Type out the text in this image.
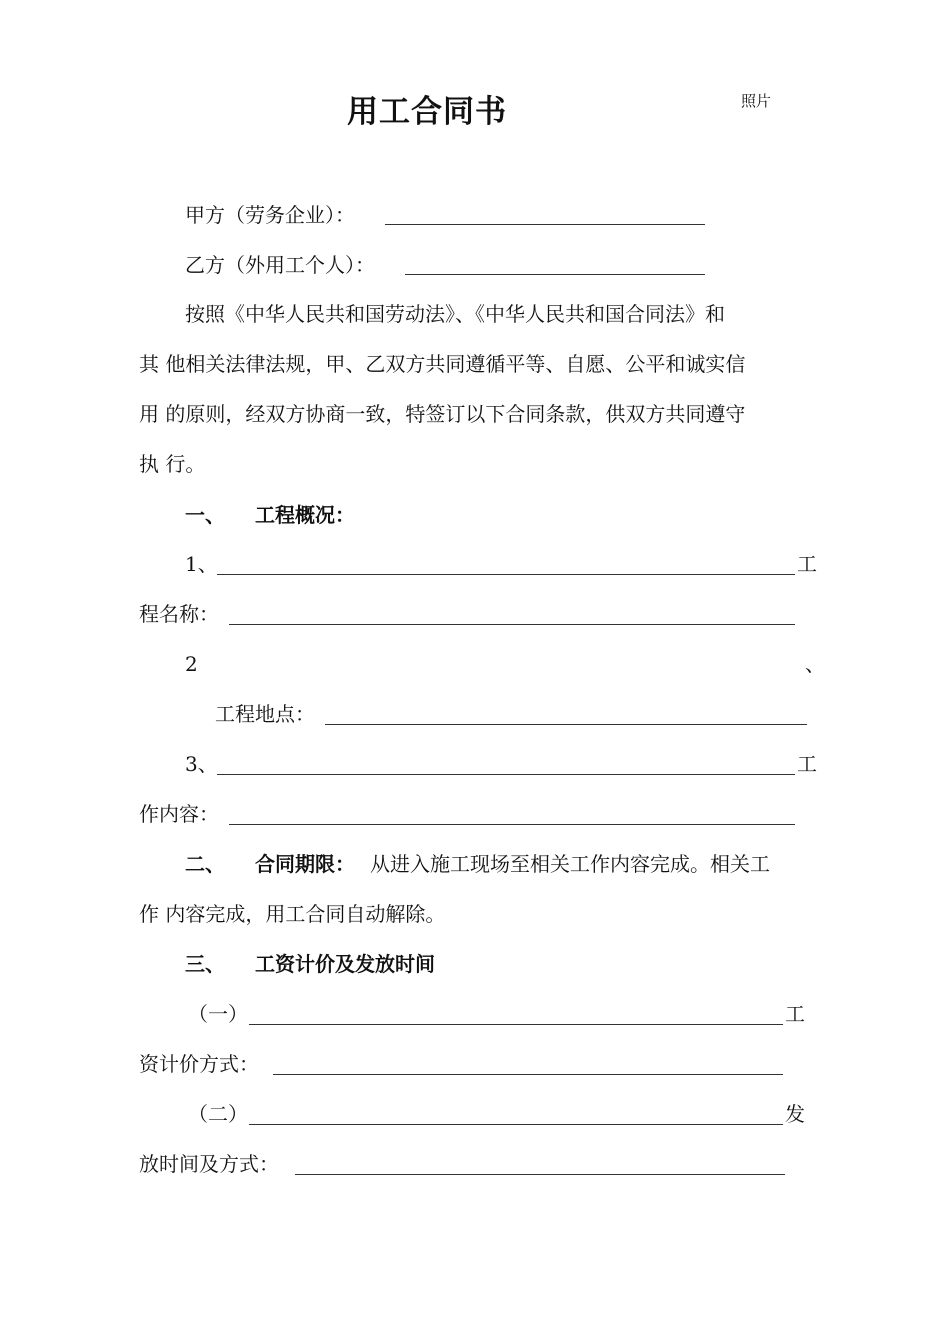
用工合同书	照片
甲方（劳务企业）：
乙方（外用工个人）：
按照《中华人民共和国劳动法》、《中华人民共和国合同法》和
其 他相关法律法规，甲、乙双方共同遵循平等、自愿、公平和诚实信
用 的原则，经双方协商一致，特签订以下合同条款，供双方共同遵守
执 行。
一、 工程概况：
1、	工
程名称：
2	、
工程地点：
3、	工
作内容：
二、 合同期限： 从进入施工现场至相关工作内容完成。相关工
作 内容完成，用工合同自动解除。
三、 工资计价及发放时间
（一）	工
资计价方式：
（二）	发
放时间及方式：
